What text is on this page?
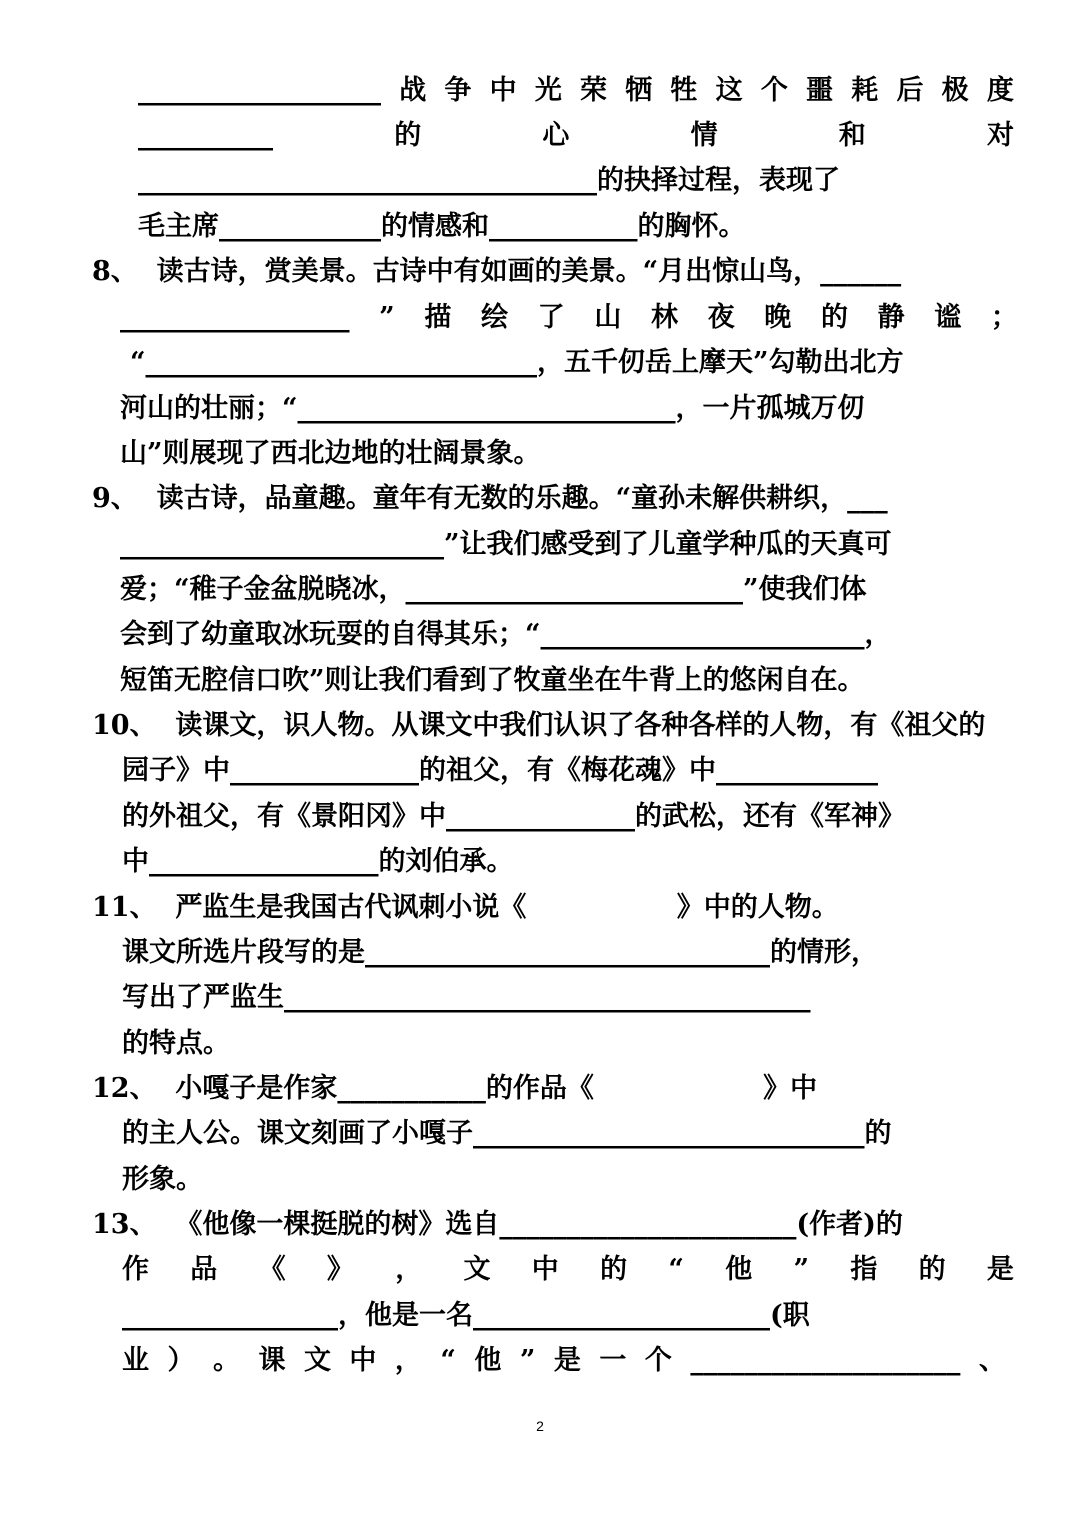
__________________ 战 争 中 光 荣 牺 牲 这 个 噩 耗 后 极 度
__________	的	心	情	和	对
__________________________________的抉择过程，表现了
毛主席____________的情感和___________的胸怀。
8、  读古诗，赏美景。古诗中有如画的美景。“月出惊山鸟，______
_________________ ” 描 绘 了 山 林 夜 晚 的 静 谧 ；
“_____________________________，五千仞岳上摩天”勾勒出北方
河山的壮丽；“____________________________，一片孤城万仞
山”则展现了西北边地的壮阔景象。
9、  读古诗，品童趣。童年有无数的乐趣。“童孙未解供耕织，___
________________________”让我们感受到了儿童学种瓜的天真可
爱；“稚子金盆脱晓冰，_________________________”使我们体
会到了幼童取冰玩耍的自得其乐；“________________________，
短笛无腔信口吹”则让我们看到了牧童坐在牛背上的悠闲自在。
10、  读课文，识人物。从课文中我们认识了各种各样的人物，有《祖父的
园子》中______________的祖父，有《梅花魂》中____________
的外祖父，有《景阳冈》中______________的武松，还有《军神》
中_________________的刘伯承。
11、  严监生是我国古代讽刺小说《                》中的人物。
课文所选片段写的是______________________________的情形，
写出了严监生_______________________________________
的特点。
12、  小嘎子是作家___________的作品《                  》中
的主人公。课文刻画了小嘎子_____________________________的
形象。
13、  《他像一棵挺脱的树》选自______________________(作者)的
作 品 《 》 ， 文 中 的 “ 他 ” 指 的 是
________________，他是一名______________________(职
业 ） 。 课 文 中 ， “ 他 ” 是 一 个 ____________________ 、
2
